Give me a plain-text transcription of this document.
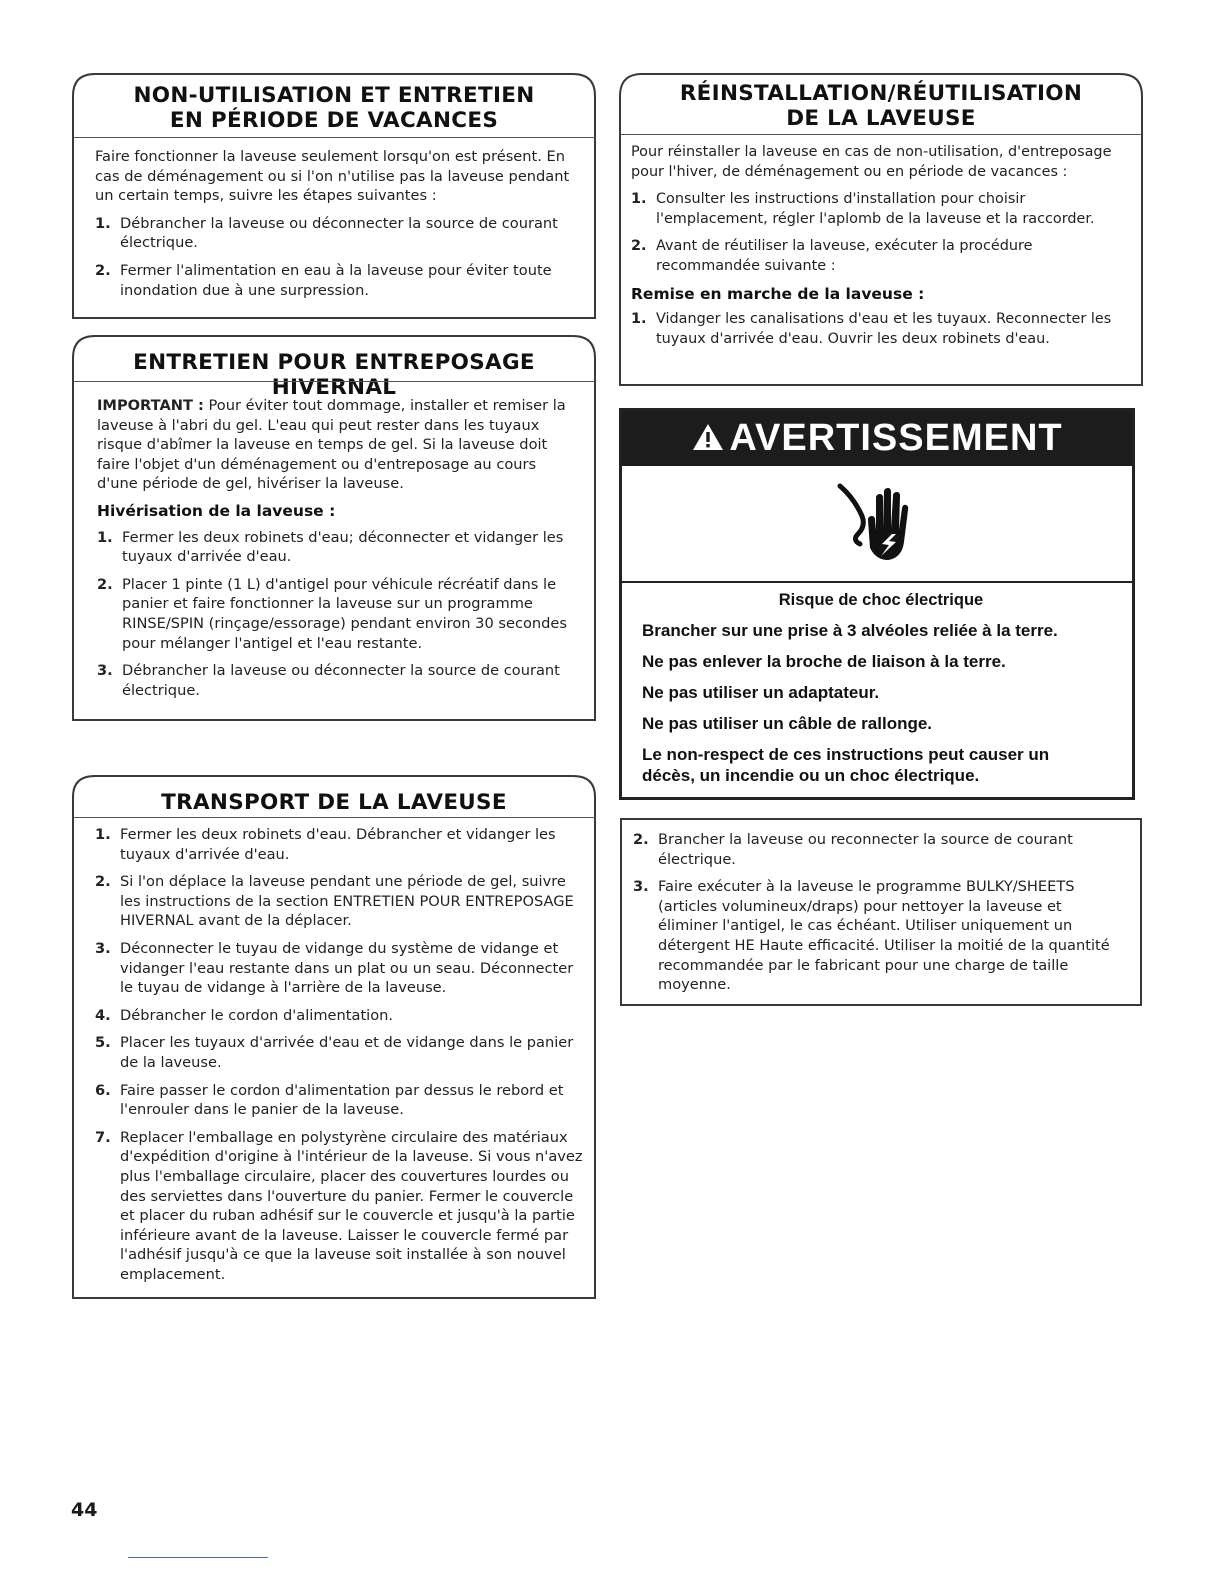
NON-UTILISATION ET ENTRETIEN
EN PÉRIODE DE VACANCES

Faire fonctionner la laveuse seulement lorsqu'on est présent. En cas de déménagement ou si l'on n'utilise pas la laveuse pendant un certain temps, suivre les étapes suivantes :

1. Débrancher la laveuse ou déconnecter la source de courant électrique.
2. Fermer l'alimentation en eau à la laveuse pour éviter toute inondation due à une surpression.
ENTRETIEN POUR ENTREPOSAGE HIVERNAL

IMPORTANT : Pour éviter tout dommage, installer et remiser la laveuse à l'abri du gel. L'eau qui peut rester dans les tuyaux risque d'abîmer la laveuse en temps de gel. Si la laveuse doit faire l'objet d'un déménagement ou d'entreposage au cours d'une période de gel, hivériser la laveuse.

Hivérisation de la laveuse :
1. Fermer les deux robinets d'eau; déconnecter et vidanger les tuyaux d'arrivée d'eau.
2. Placer 1 pinte (1 L) d'antigel pour véhicule récréatif dans le panier et faire fonctionner la laveuse sur un programme RINSE/SPIN (rinçage/essorage) pendant environ 30 secondes pour mélanger l'antigel et l'eau restante.
3. Débrancher la laveuse ou déconnecter la source de courant électrique.
TRANSPORT DE LA LAVEUSE
1. Fermer les deux robinets d'eau. Débrancher et vidanger les tuyaux d'arrivée d'eau.
2. Si l'on déplace la laveuse pendant une période de gel, suivre les instructions de la section ENTRETIEN POUR ENTREPOSAGE HIVERNAL avant de la déplacer.
3. Déconnecter le tuyau de vidange du système de vidange et vidanger l'eau restante dans un plat ou un seau. Déconnecter le tuyau de vidange à l'arrière de la laveuse.
4. Débrancher le cordon d'alimentation.
5. Placer les tuyaux d'arrivée d'eau et de vidange dans le panier de la laveuse.
6. Faire passer le cordon d'alimentation par dessus le rebord et l'enrouler dans le panier de la laveuse.
7. Replacer l'emballage en polystyrène circulaire des matériaux d'expédition d'origine à l'intérieur de la laveuse. Si vous n'avez plus l'emballage circulaire, placer des couvertures lourdes ou des serviettes dans l'ouverture du panier. Fermer le couvercle et placer du ruban adhésif sur le couvercle et jusqu'à la partie inférieure avant de la laveuse. Laisser le couvercle fermé par l'adhésif jusqu'à ce que la laveuse soit installée à son nouvel emplacement.
RÉINSTALLATION/RÉUTILISATION
DE LA LAVEUSE

Pour réinstaller la laveuse en cas de non-utilisation, d'entreposage pour l'hiver, de déménagement ou en période de vacances :

1. Consulter les instructions d'installation pour choisir l'emplacement, régler l'aplomb de la laveuse et la raccorder.
2. Avant de réutiliser la laveuse, exécuter la procédure recommandée suivante :
Remise en marche de la laveuse :
1. Vidanger les canalisations d'eau et les tuyaux. Reconnecter les tuyaux d'arrivée d'eau. Ouvrir les deux robinets d'eau.
AVERTISSEMENT
Risque de choc électrique
Brancher sur une prise à 3 alvéoles reliée à la terre.
Ne pas enlever la broche de liaison à la terre.
Ne pas utiliser un adaptateur.
Ne pas utiliser un câble de rallonge.
Le non-respect de ces instructions peut causer un décès, un incendie ou un choc électrique.
2. Brancher la laveuse ou reconnecter la source de courant électrique.
3. Faire exécuter à la laveuse le programme BULKY/SHEETS (articles volumineux/draps) pour nettoyer la laveuse et éliminer l'antigel, le cas échéant. Utiliser uniquement un détergent HE Haute efficacité. Utiliser la moitié de la quantité recommandée par le fabricant pour une charge de taille moyenne.
44
